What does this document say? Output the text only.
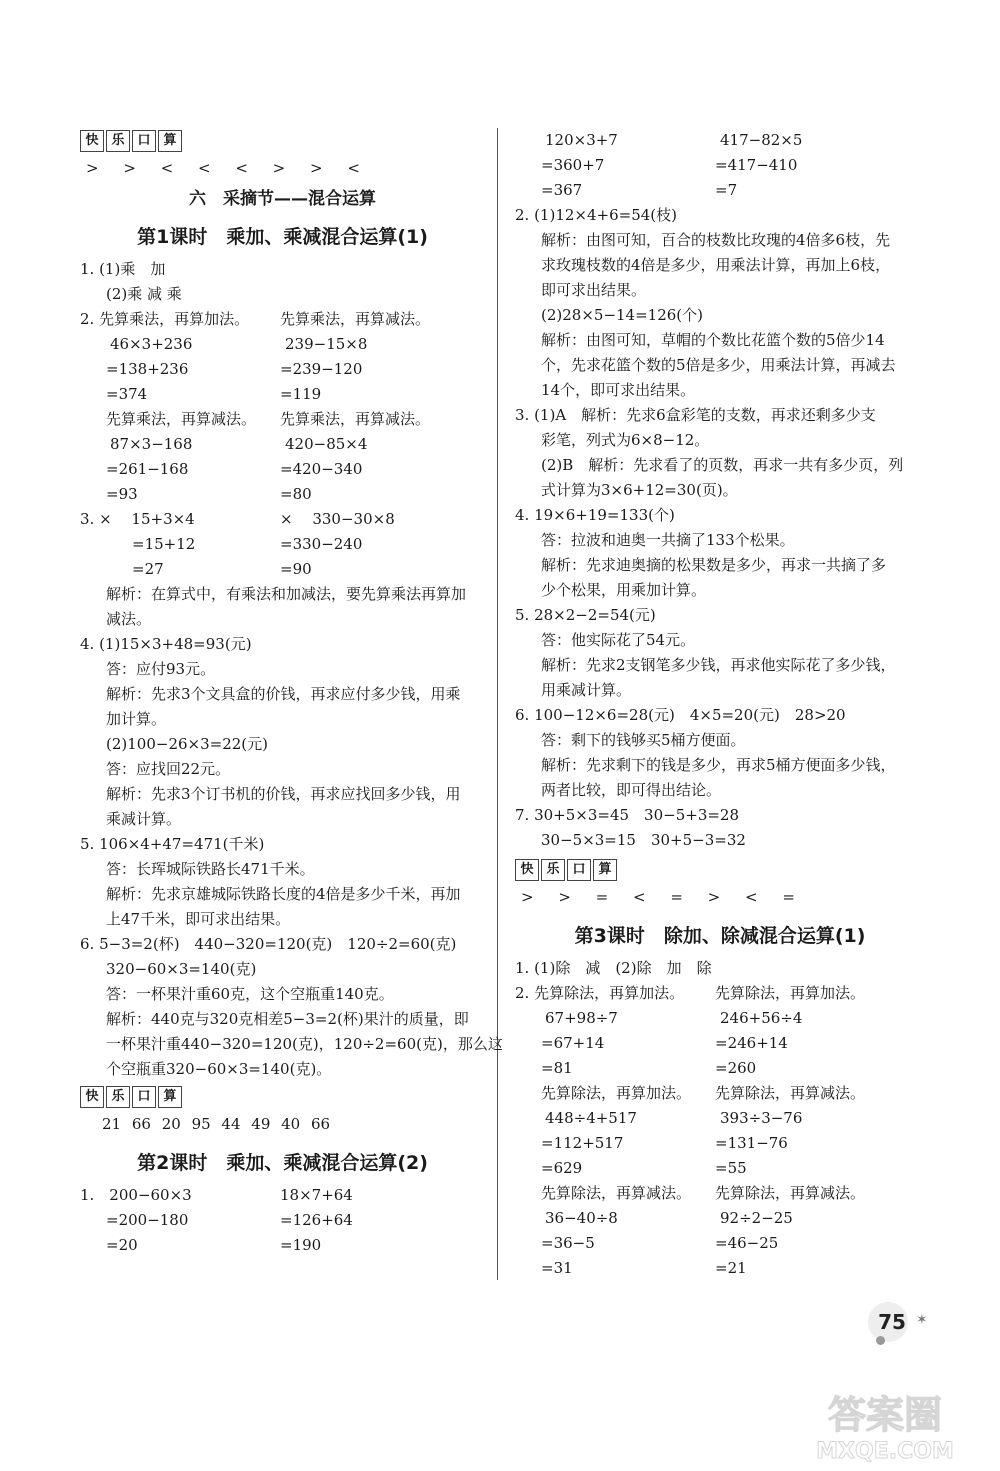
快 乐 口 算
> > < < < > > <
六　采摘节——混合运算
第1课时　乘加、乘减混合运算(1)
1. (1)乘　加
(2)乘 减 乘
2. 先算乘法，再算加法。 先算乘法，再算减法。
46×3+236	239−15×8
=138+236	=239−120
=374	=119
先算乘法，再算减法。 先算乘法，再算减法。
87×3−168	420−85×4
=261−168	=420−340
=93	=80
3. ×　 15+3×4	×　 330−30×8
=15+12	=330−240
=27	=90
解析：在算式中，有乘法和加减法，要先算乘法再算加
减法。
4. (1)15×3+48=93(元)
答：应付93元。
解析：先求3个文具盒的价钱，再求应付多少钱，用乘
加计算。
(2)100−26×3=22(元)
答：应找回22元。
解析：先求3个订书机的价钱，再求应找回多少钱，用
乘减计算。
5. 106×4+47=471(千米)
答：长珲城际铁路长471千米。
解析：先求京雄城际铁路长度的4倍是多少千米，再加
上47千米，即可求出结果。
6. 5−3=2(杯)　440−320=120(克)　120÷2=60(克)
320−60×3=140(克)
答：一杯果汁重60克，这个空瓶重140克。
解析：440克与320克相差5−3=2(杯)果汁的质量，即
一杯果汁重440−320=120(克)，120÷2=60(克)，那么这
个空瓶重320−60×3=140(克)。
快 乐 口 算
21 66 20 95 44 49 40 66
第2课时　乘加、乘减混合运算(2)
1.　200−60×3	18×7+64
=200−180	=126+64
=20	=190
120×3+7	417−82×5
=360+7	=417−410
=367	=7
2. (1)12×4+6=54(枝)
解析：由图可知，百合的枝数比玫瑰的4倍多6枝，先
求玫瑰枝数的4倍是多少，用乘法计算，再加上6枝，
即可求出结果。
(2)28×5−14=126(个)
解析：由图可知，草帽的个数比花篮个数的5倍少14
个，先求花篮个数的5倍是多少，用乘法计算，再减去
14个，即可求出结果。
3. (1)A　解析：先求6盒彩笔的支数，再求还剩多少支
彩笔，列式为6×8−12。
(2)B　解析：先求看了的页数，再求一共有多少页，列
式计算为3×6+12=30(页)。
4. 19×6+19=133(个)
答：拉波和迪奥一共摘了133个松果。
解析：先求迪奥摘的松果数是多少，再求一共摘了多
少个松果，用乘加计算。
5. 28×2−2=54(元)
答：他实际花了54元。
解析：先求2支钢笔多少钱，再求他实际花了多少钱，
用乘减计算。
6. 100−12×6=28(元)　4×5=20(元)　28>20
答：剩下的钱够买5桶方便面。
解析：先求剩下的钱是多少，再求5桶方便面多少钱，
两者比较，即可得出结论。
7. 30+5×3=45　30−5+3=28
30−5×3=15　30+5−3=32
快 乐 口 算
> > = < = > < =
第3课时　除加、除减混合运算(1)
1. (1)除　减　(2)除　加　除
2. 先算除法，再算加法。 先算除法，再算加法。
67+98÷7	246+56÷4
=67+14	=246+14
=81	=260
先算除法，再算加法。 先算除法，再算减法。
448÷4+517	393÷3−76
=112+517	=131−76
=629	=55
先算除法，再算减法。 先算除法，再算减法。
36−40÷8	92÷2−25
=36−5	=46−25
=31	=21
75 ✶
答案圈
MXQE.COM
